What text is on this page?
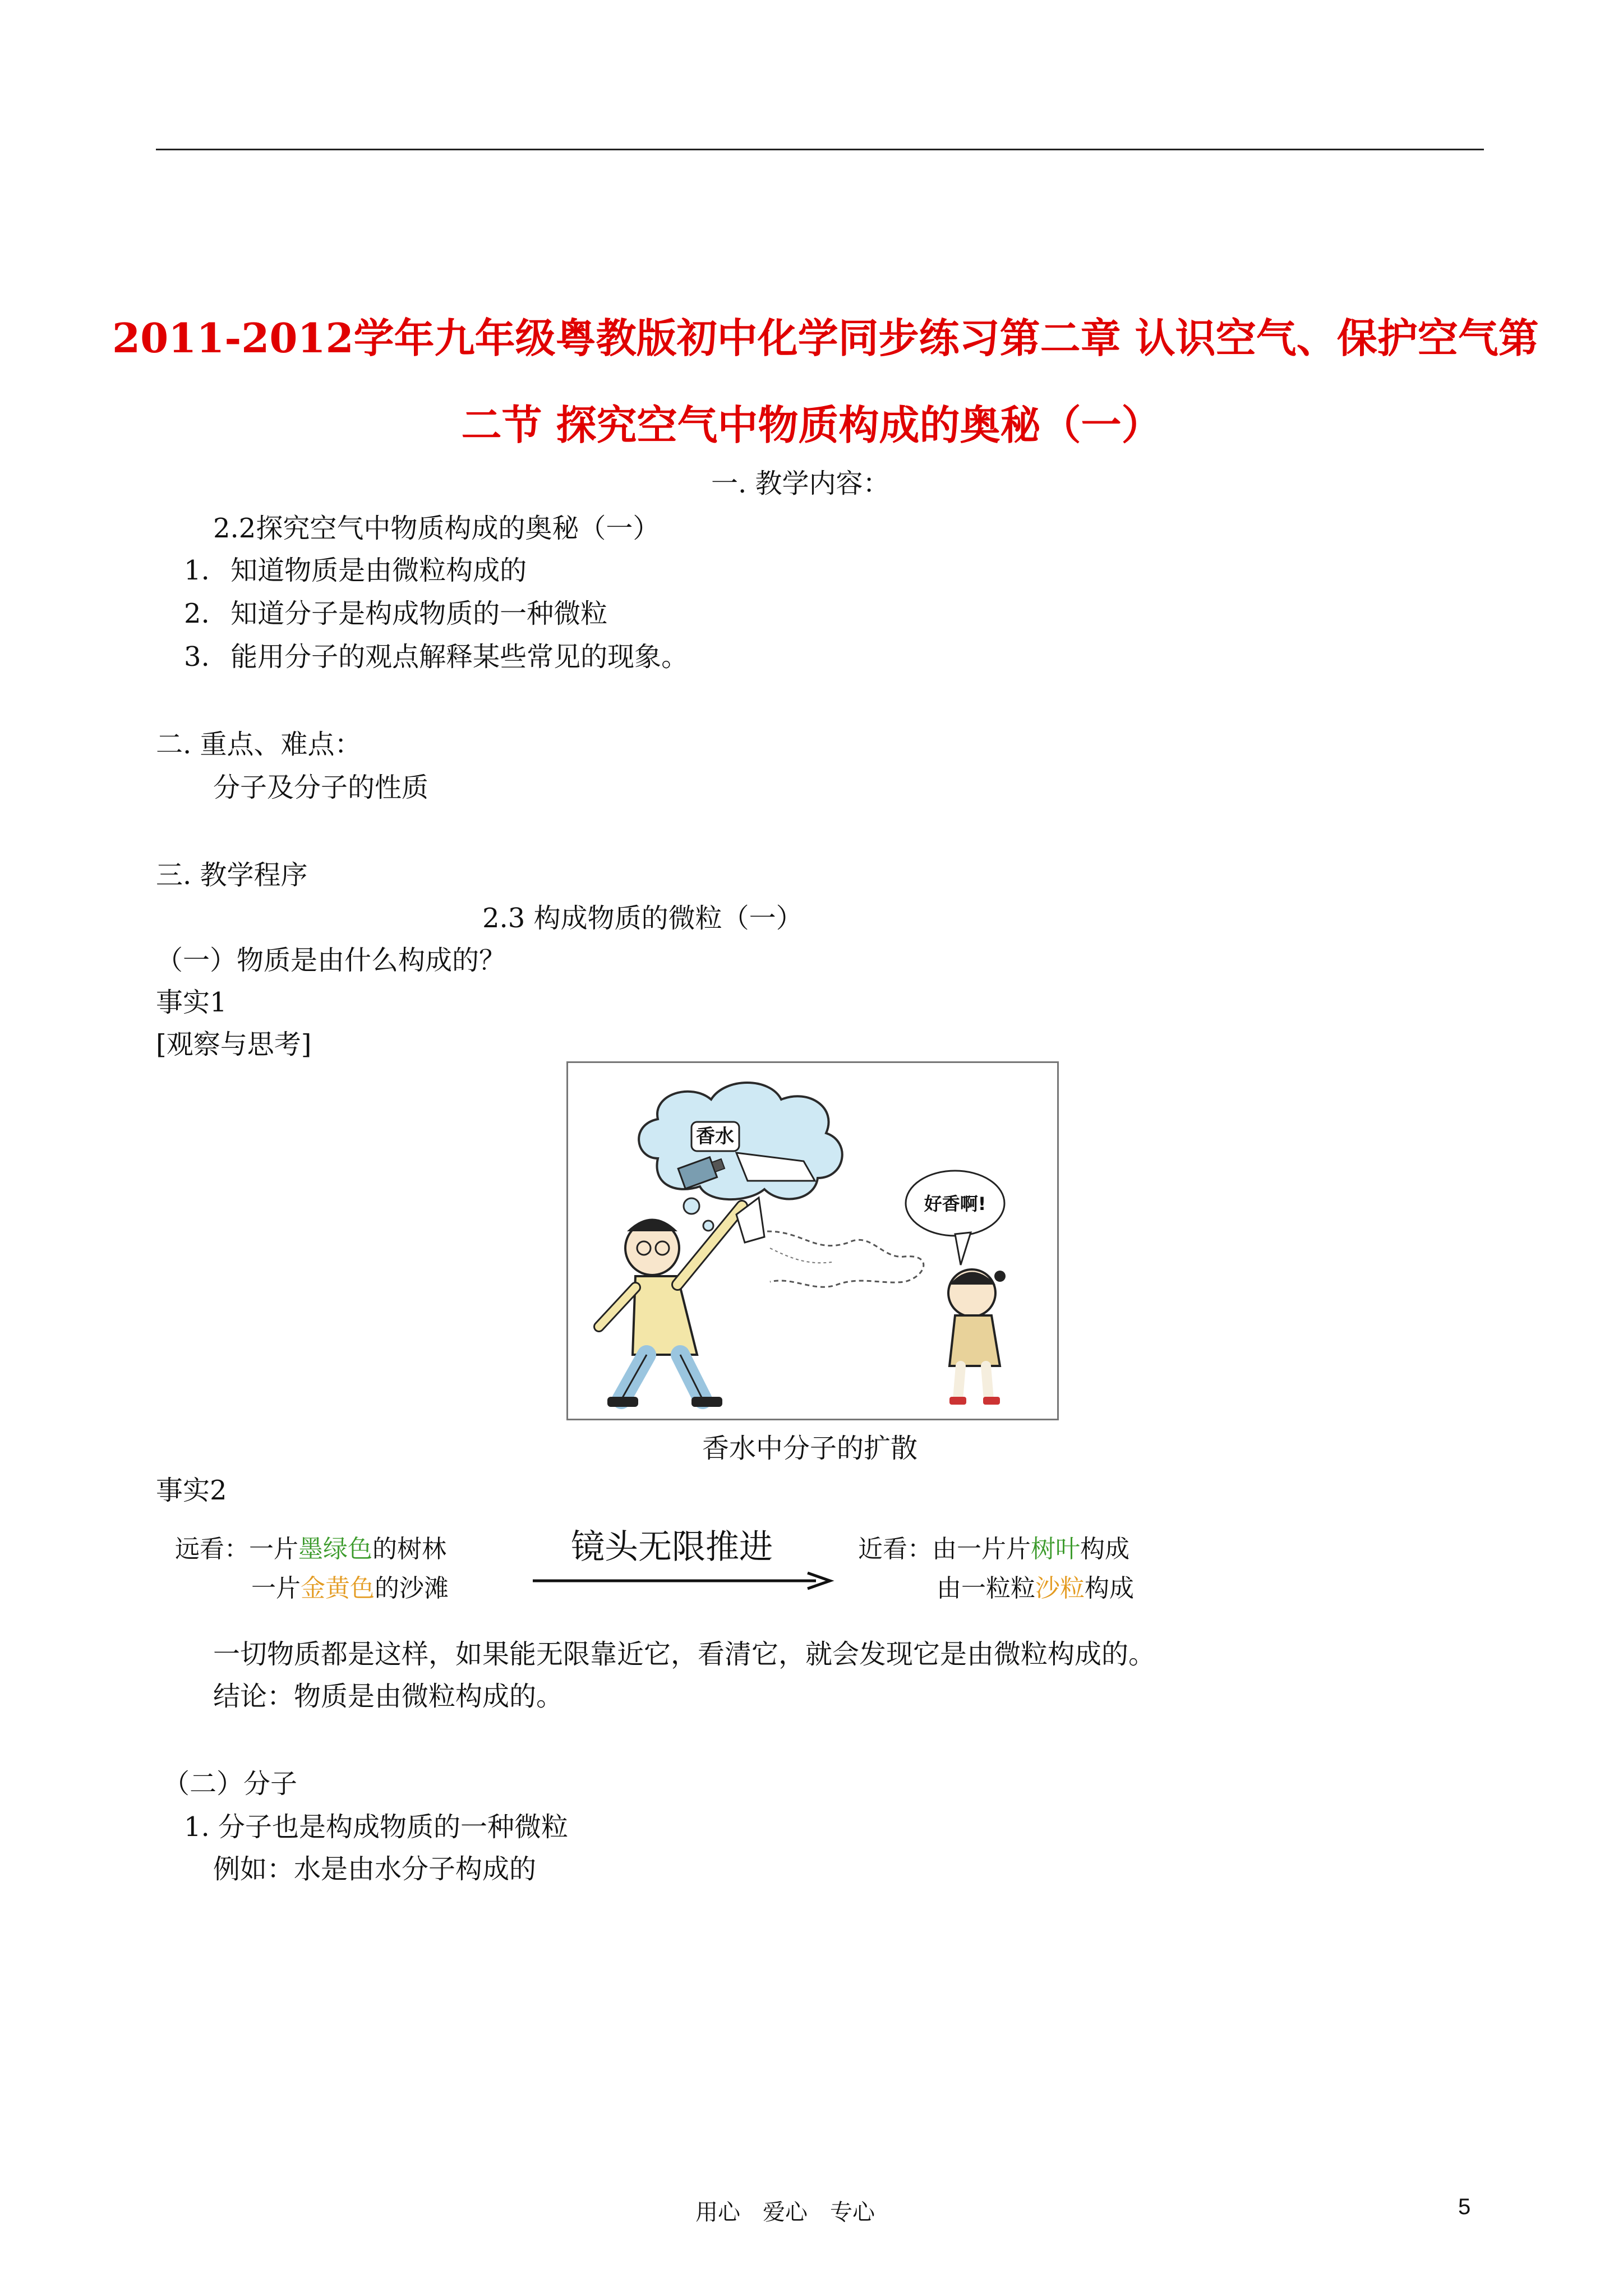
2011-2012学年九年级粤教版初中化学同步练习第二章 认识空气、保护空气第
二节 探究空气中物质构成的奥秘（一）
一. 教学内容：
2.2探究空气中物质构成的奥秘（一）
1. 知道物质是由微粒构成的
2. 知道分子是构成物质的一种微粒
3. 能用分子的观点解释某些常见的现象。
二. 重点、难点：
分子及分子的性质
三. 教学程序
2.3 构成物质的微粒（一）
（一）物质是由什么构成的？
事实1
[观察与思考]
香水
好香啊!
香水中分子的扩散
事实2
远看：一片墨绿色的树林
一片金黄色的沙滩
镜头无限推进	近看：由一片片树叶构成
由一粒粒沙粒构成
一切物质都是这样，如果能无限靠近它，看清它，就会发现它是由微粒构成的。
结论：物质是由微粒构成的。
（二）分子
1. 分子也是构成物质的一种微粒
例如：水是由水分子构成的
用心　爱心　专心	5
